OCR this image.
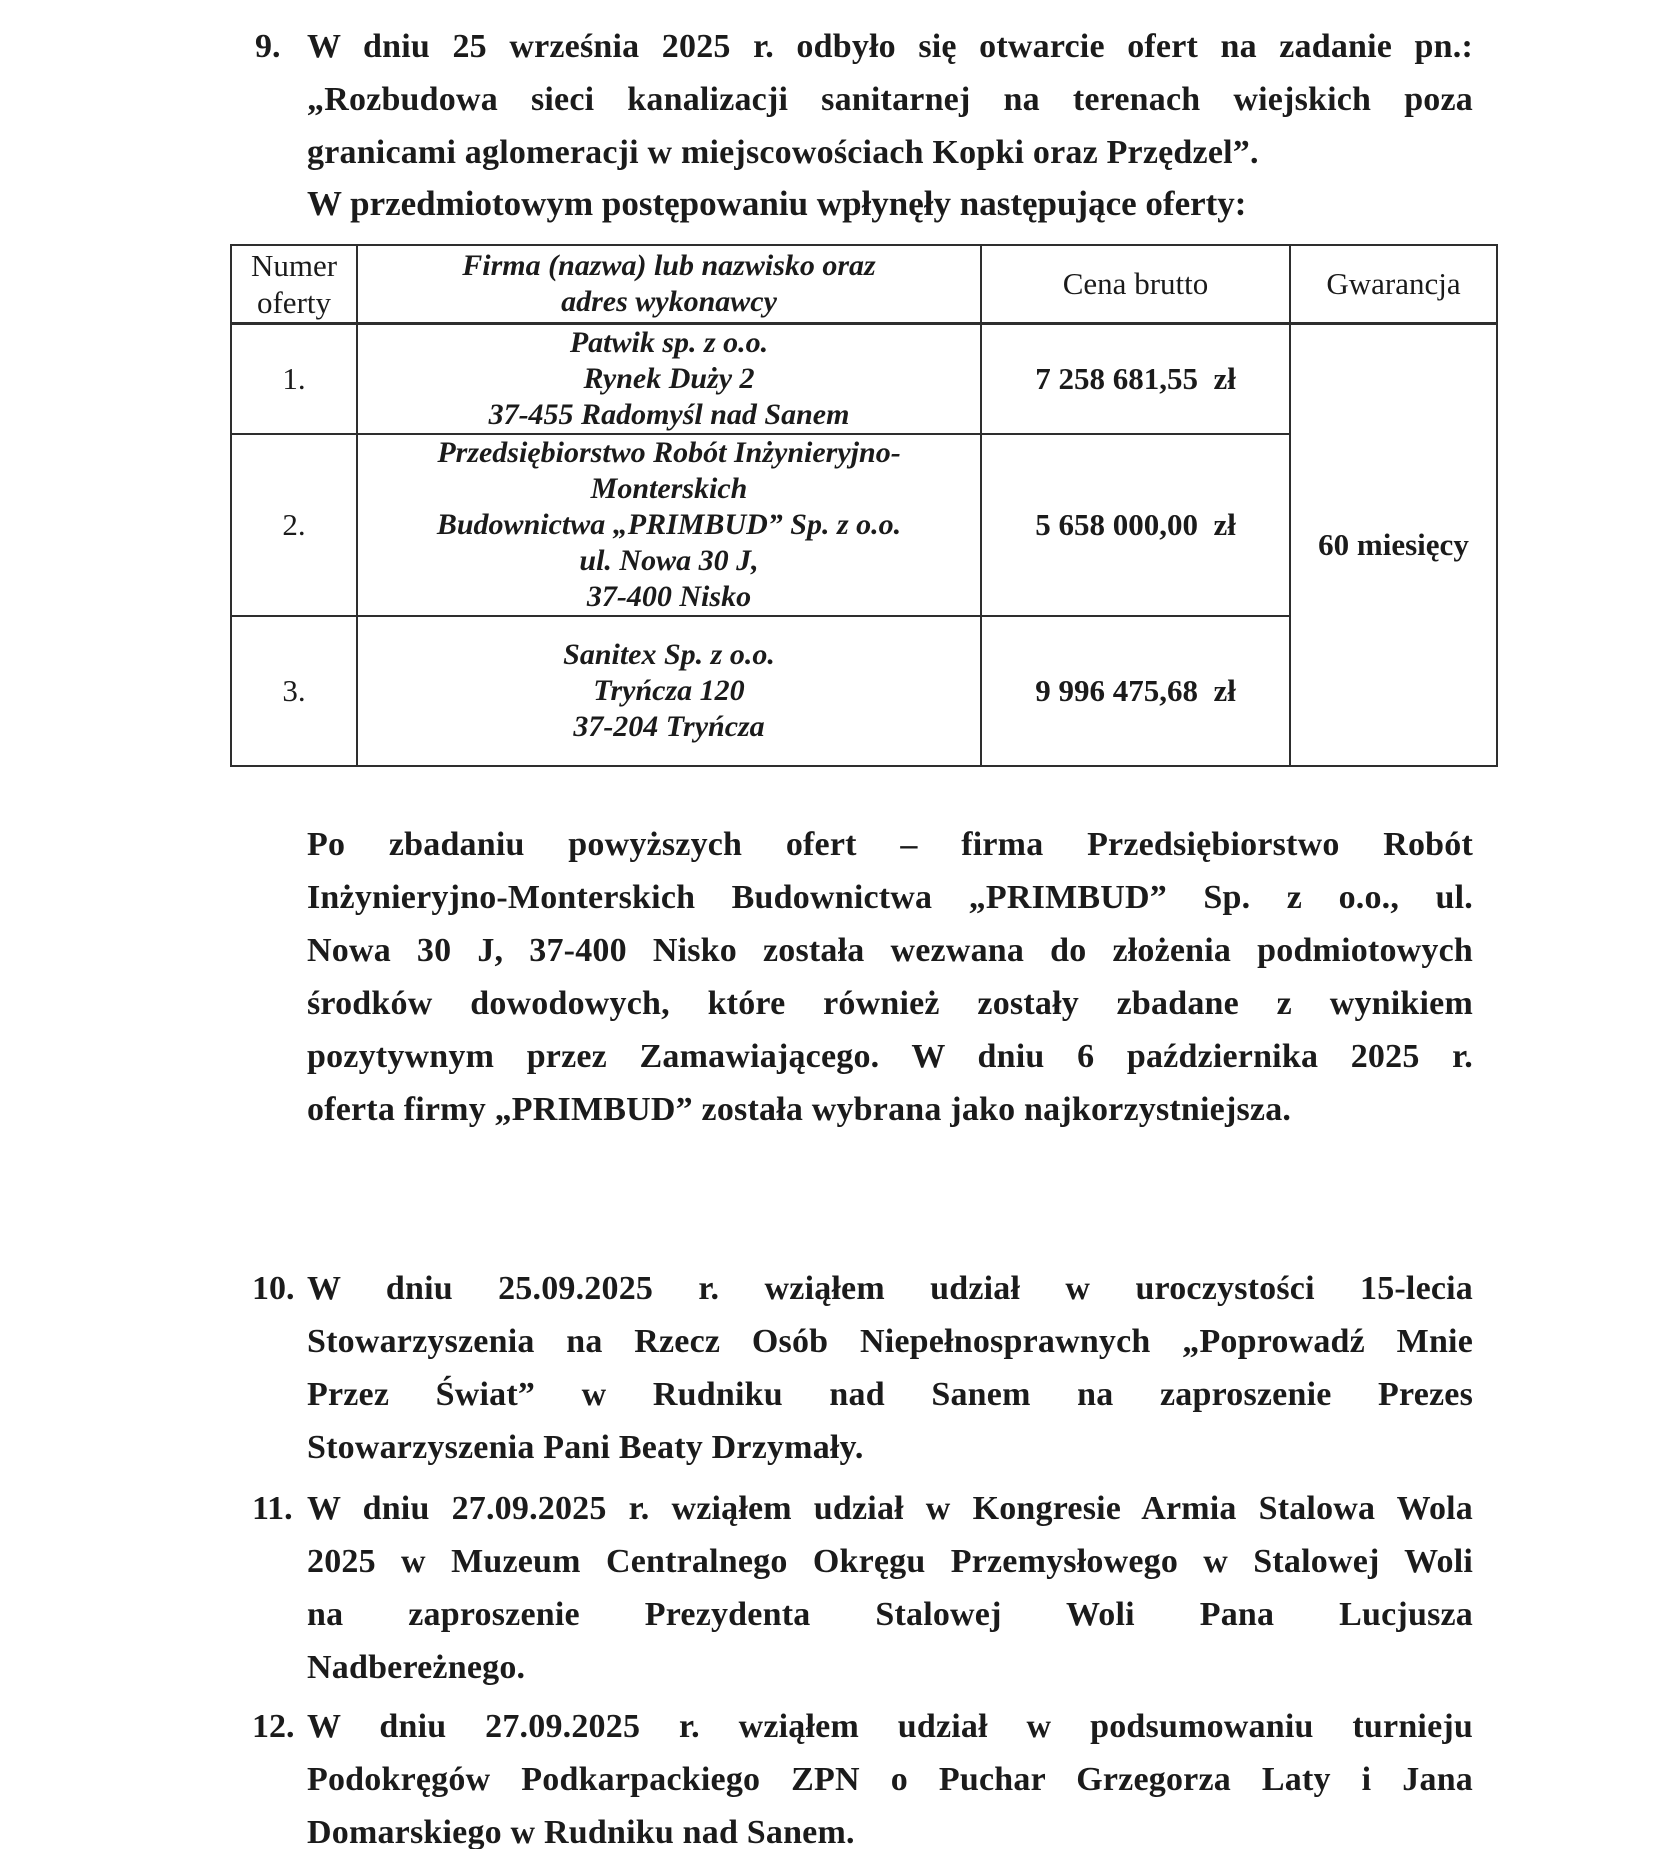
9. W dniu 25 września 2025 r. odbyło się otwarcie ofert na zadanie pn.:
„Rozbudowa sieci kanalizacji sanitarnej na terenach wiejskich poza
granicami aglomeracji w miejscowościach Kopki oraz Przędzel”.
W przedmiotowym postępowaniu wpłynęły następujące oferty:
Numer
oferty

Firma (nazwa) lub nazwisko oraz
adres wykonawcy	Cena brutto	Gwarancja

1.	Patwik sp. z o.o.
Rynek Duży 2
37-455 Radomyśl nad Sanem	7 258 681,55  zł	60 miesięcy
2.	Przedsiębiorstwo Robót Inżynieryjno-
Monterskich
Budownictwa „PRIMBUD” Sp. z o.o.
ul. Nowa 30 J,
37-400 Nisko	5 658 000,00  zł	
3.	Sanitex Sp. z o.o.
Tryńcza 120
37-204 Tryńcza	9 996 475,68  zł	
Po zbadaniu powyższych ofert – firma Przedsiębiorstwo Robót
Inżynieryjno-Monterskich Budownictwa „PRIMBUD” Sp. z o.o., ul.
Nowa 30 J, 37-400 Nisko została wezwana do złożenia podmiotowych
środków dowodowych, które również zostały zbadane z wynikiem
pozytywnym przez Zamawiającego. W dniu 6 października 2025 r.
oferta firmy „PRIMBUD” została wybrana jako najkorzystniejsza.
10. W dniu 25.09.2025 r. wziąłem udział w uroczystości 15-lecia
Stowarzyszenia na Rzecz Osób Niepełnosprawnych „Poprowadź Mnie
Przez Świat” w Rudniku nad Sanem na zaproszenie Prezes
Stowarzyszenia Pani Beaty Drzymały.
11. W dniu 27.09.2025 r. wziąłem udział w Kongresie Armia Stalowa Wola
2025 w Muzeum Centralnego Okręgu Przemysłowego w Stalowej Woli
na zaproszenie Prezydenta Stalowej Woli Pana Lucjusza
Nadbereżnego.
12. W dniu 27.09.2025 r. wziąłem udział w podsumowaniu turnieju
Podokręgów Podkarpackiego ZPN o Puchar Grzegorza Laty i Jana
Domarskiego w Rudniku nad Sanem.
